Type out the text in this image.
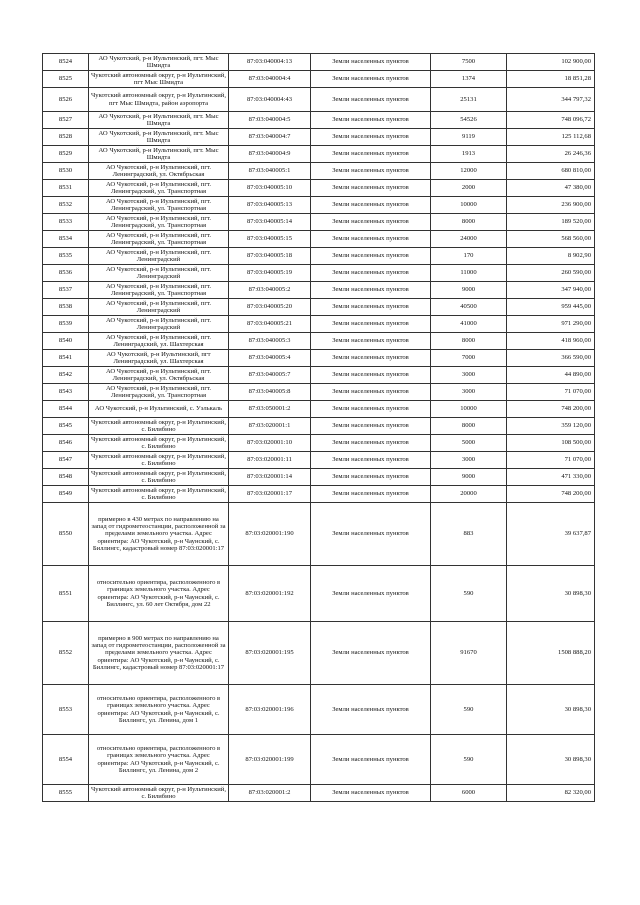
8524	АО Чукотский, р-н Иультинский, пгт. Мыс Шмидта	87:03:040004:13	Земли населенных пунктов	7500	102 900,00
8525	Чукотский автономный округ, р-н Иультинский, пгт Мыс Шмидта	87:03:040004:4	Земли населенных пунктов	1374	18 851,28
8526	Чукотский автономный округ, р-н Иультинский, пгт Мыс Шмидта, район аэропорта	87:03:040004:43	Земли населенных пунктов	25131	344 797,32
8527	АО Чукотский, р-н Иультинский, пгт. Мыс Шмидта	87:03:040004:5	Земли населенных пунктов	54526	748 096,72
8528	АО Чукотский, р-н Иультинский, пгт. Мыс Шмидта	87:03:040004:7	Земли населенных пунктов	9119	125 112,68
8529	АО Чукотский, р-н Иультинский, пгт. Мыс Шмидта	87:03:040004:9	Земли населенных пунктов	1913	26 246,36
8530	АО Чукотский, р-н Иультинский, пгт. Ленинградский, ул. Октябрьская	87:03:040005:1	Земли населенных пунктов	12000	680 810,00
8531	АО Чукотский, р-н Иультинский, пгт. Ленинградский, ул. Транспортная	87:03:040005:10	Земли населенных пунктов	2000	47 380,00
8532	АО Чукотский, р-н Иультинский, пгт. Ленинградский, ул. Транспортная	87:03:040005:13	Земли населенных пунктов	10000	236 900,00
8533	АО Чукотский, р-н Иультинский, пгт. Ленинградский, ул. Транспортная	87:03:040005:14	Земли населенных пунктов	8000	189 520,00
8534	АО Чукотский, р-н Иультинский, пгт. Ленинградский, ул. Транспортная	87:03:040005:15	Земли населенных пунктов	24000	568 560,00
8535	АО Чукотский, р-н Иультинский, пгт. Ленинградский	87:03:040005:18	Земли населенных пунктов	170	8 902,90
8536	АО Чукотский, р-н Иультинский, пгт. Ленинградский	87:03:040005:19	Земли населенных пунктов	11000	260 590,00
8537	АО Чукотский, р-н Иультинский, пгт. Ленинградский, ул. Транспортная	87:03:040005:2	Земли населенных пунктов	9000	347 940,00
8538	АО Чукотский, р-н Иультинский, пгт. Ленинградский	87:03:040005:20	Земли населенных пунктов	40500	959 445,00
8539	АО Чукотский, р-н Иультинский, пгт. Ленинградский	87:03:040005:21	Земли населенных пунктов	41000	971 290,00
8540	АО Чукотский, р-н Иультинский, пгт. Ленинградский, ул. Шахтерская	87:03:040005:3	Земли населенных пунктов	8000	418 960,00
8541	АО Чукотский, р-н Иультинский, пгт Ленинградский, ул. Шахтерская	87:03:040005:4	Земли населенных пунктов	7000	366 590,00
8542	АО Чукотский, р-н Иультинский, пгт. Ленинградский, ул. Октябрьская	87:03:040005:7	Земли населенных пунктов	3000	44 890,00
8543	АО Чукотский, р-н Иультинский, пгт. Ленинградский, ул. Транспортная	87:03:040005:8	Земли населенных пунктов	3000	71 070,00
8544	АО Чукотский, р-н Иультинский, с. Уэлькаль	87:03:050001:2	Земли населенных пунктов	10000	748 200,00
8545	Чукотский автономный округ, р-н Иультинский, с. Билибино	87:03:020001:1	Земли населенных пунктов	8000	359 120,00
8546	Чукотский автономный округ, р-н Иультинский, с. Билибино	87:03:020001:10	Земли населенных пунктов	5000	108 500,00
8547	Чукотский автономный округ, р-н Иультинский, с. Билибино	87:03:020001:11	Земли населенных пунктов	3000	71 070,00
8548	Чукотский автономный округ, р-н Иультинский, с. Билибино	87:03:020001:14	Земли населенных пунктов	9000	471 330,00
8549	Чукотский автономный округ, р-н Иультинский, с. Билибино	87:03:020001:17	Земли населенных пунктов	20000	748 200,00
8550	примерно в 430 метрах по направлению на запад от гидрометеостанции, расположенной за пределами земельного участка. Адрес ориентира: АО Чукотский, р-н Чаунский, с. Биллингс, кадастровый номер 87:03:020001:17	87:03:020001:190	Земли населенных пунктов	883	39 637,87
8551	относительно ориентира, расположенного в границах земельного участка. Адрес ориентира: АО Чукотский, р-н Чаунский, с. Биллингс, ул. 60 лет Октября, дом 22	87:03:020001:192	Земли населенных пунктов	590	30 898,30
8552	примерно в 900 метрах по направлению на запад от гидрометеостанции, расположенной за пределами земельного участка. Адрес ориентира: АО Чукотский, р-н Чаунский, с. Биллингс, кадастровый номер 87:03:020001:17	87:03:020001:195	Земли населенных пунктов	91670	1508 888,20
8553	относительно ориентира, расположенного в границах земельного участка. Адрес ориентира: АО Чукотский, р-н Чаунский, с. Биллингс, ул. Ленина, дом 1	87:03:020001:196	Земли населенных пунктов	590	30 898,30
8554	относительно ориентира, расположенного в границах земельного участка. Адрес ориентира: АО Чукотский, р-н Чаунский, с. Биллингс, ул. Ленина, дом 2	87:03:020001:199	Земли населенных пунктов	590	30 898,30
8555	Чукотский автономный округ, р-н Иультинский, с. Билибино	87:03:020001:2	Земли населенных пунктов	6000	82 320,00
